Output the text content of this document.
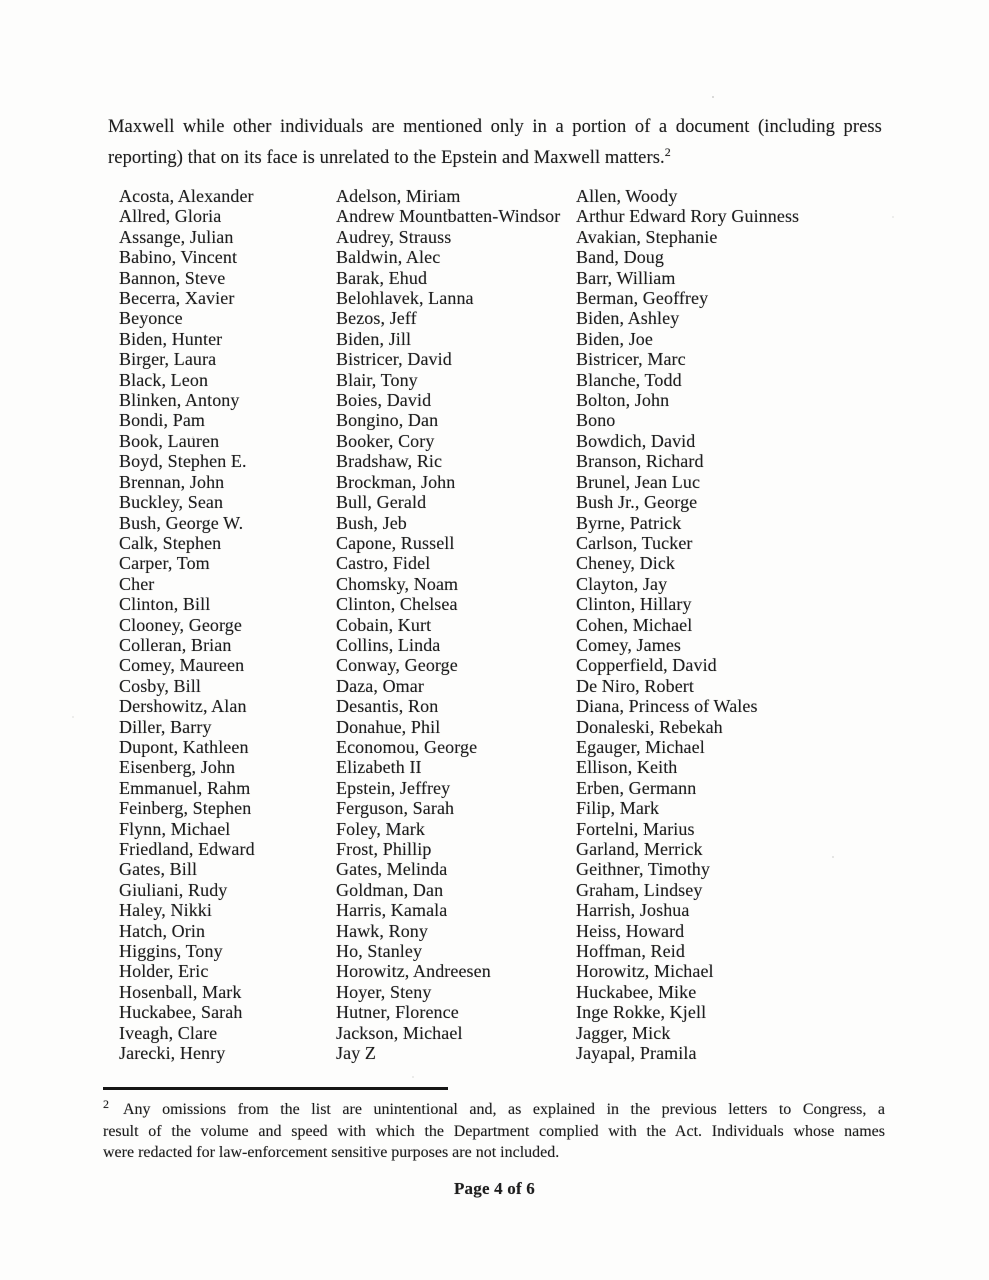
Maxwell while other individuals are mentioned only in a portion of a document (including press
reporting) that on its face is unrelated to the Epstein and Maxwell matters.$^2$

Acosta, Alexander
Allred, Gloria
Assange, Julian
Babino, Vincent
Bannon, Steve
Becerra, Xavier
Beyonce
Biden, Hunter
Birger, Laura
Black, Leon
Blinken, Antony
Bondi, Pam
Book, Lauren
Boyd, Stephen E.
Brennan, John
Buckley, Sean
Bush, George W.
Calk, Stephen
Carper, Tom
Cher
Clinton, Bill
Clooney, George
Colleran, Brian
Comey, Maureen
Cosby, Bill
Dershowitz, Alan
Diller, Barry
Dupont, Kathleen
Eisenberg, John
Emmanuel, Rahm
Feinberg, Stephen
Flynn, Michael
Friedland, Edward
Gates, Bill
Giuliani, Rudy
Haley, Nikki
Hatch, Orin
Higgins, Tony
Holder, Eric
Hosenball, Mark
Huckabee, Sarah
Iveagh, Clare
Jarecki, Henry
Adelson, Miriam
Andrew Mountbatten-Windsor
Audrey, Strauss
Baldwin, Alec
Barak, Ehud
Belohlavek, Lanna
Bezos, Jeff
Biden, Jill
Bistricer, David
Blair, Tony
Boies, David
Bongino, Dan
Booker, Cory
Bradshaw, Ric
Brockman, John
Bull, Gerald
Bush, Jeb
Capone, Russell
Castro, Fidel
Chomsky, Noam
Clinton, Chelsea
Cobain, Kurt
Collins, Linda
Conway, George
Daza, Omar
Desantis, Ron
Donahue, Phil
Economou, George
Elizabeth II
Epstein, Jeffrey
Ferguson, Sarah
Foley, Mark
Frost, Phillip
Gates, Melinda
Goldman, Dan
Harris, Kamala
Hawk, Rony
Ho, Stanley
Horowitz, Andreesen
Hoyer, Steny
Hutner, Florence
Jackson, Michael
Jay Z
Allen, Woody
Arthur Edward Rory Guinness
Avakian, Stephanie
Band, Doug
Barr, William
Berman, Geoffrey
Biden, Ashley
Biden, Joe
Bistricer, Marc
Blanche, Todd
Bolton, John
Bono
Bowdich, David
Branson, Richard
Brunel, Jean Luc
Bush Jr., George
Byrne, Patrick
Carlson, Tucker
Cheney, Dick
Clayton, Jay
Clinton, Hillary
Cohen, Michael
Comey, James
Copperfield, David
De Niro, Robert
Diana, Princess of Wales
Donaleski, Rebekah
Egauger, Michael
Ellison, Keith
Erben, Germann
Filip, Mark
Fortelni, Marius
Garland, Merrick
Geithner, Timothy
Graham, Lindsey
Harrish, Joshua
Heiss, Howard
Hoffman, Reid
Horowitz, Michael
Huckabee, Mike
Inge Rokke, Kjell
Jagger, Mick
Jayapal, Pramila
$^2$ Any omissions from the list are unintentional and, as explained in the previous letters to Congress, a
result of the volume and speed with which the Department complied with the Act. Individuals whose names
were redacted for law-enforcement sensitive purposes are not included.
Page 4 of 6
